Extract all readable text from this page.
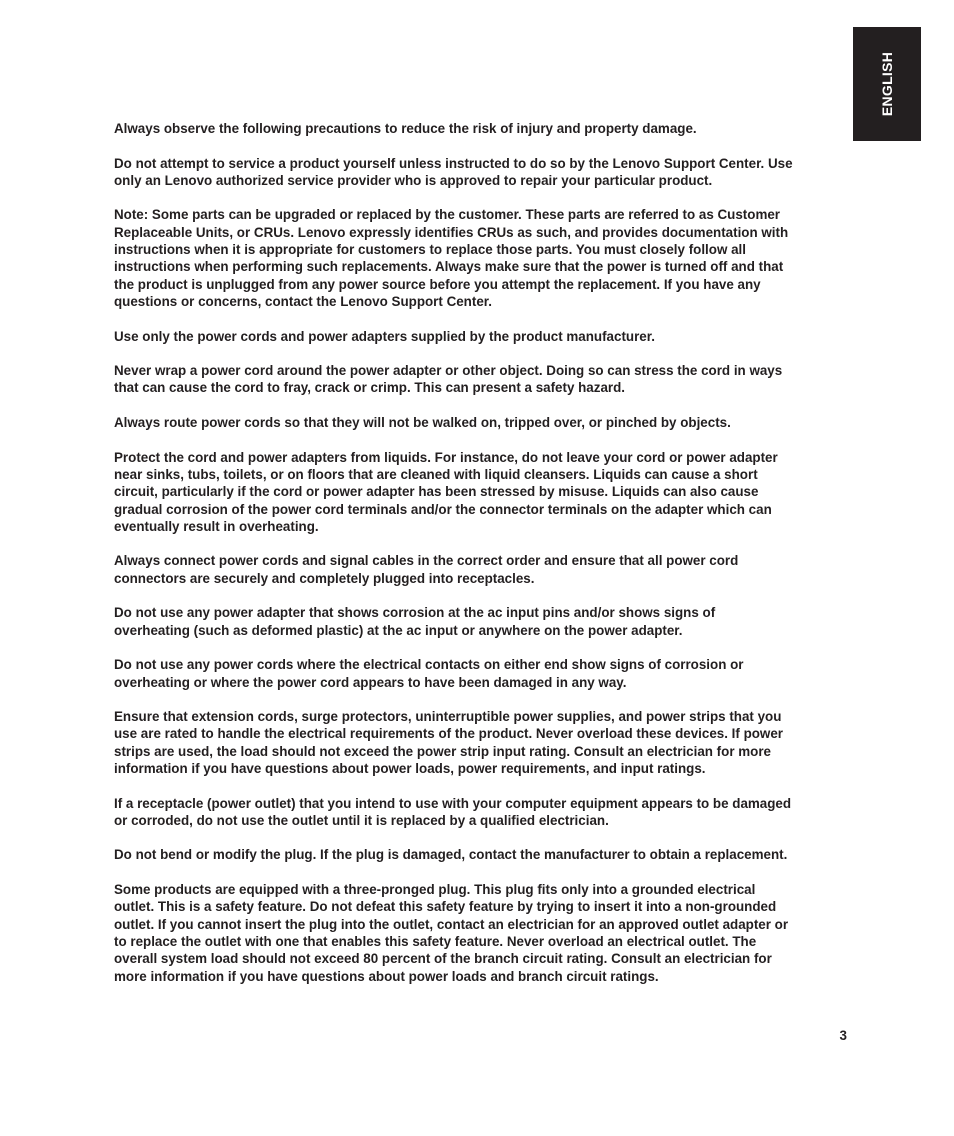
ENGLISH

Always observe the following precautions to reduce the risk of injury and property damage.

Do not attempt to service a product yourself unless instructed to do so by the Lenovo Support Center. Use
only an Lenovo authorized service provider who is approved to repair your particular product.

Note: Some parts can be upgraded or replaced by the customer. These parts are referred to as Customer
Replaceable Units, or CRUs. Lenovo expressly identifies CRUs as such, and provides documentation with
instructions when it is appropriate for customers to replace those parts. You must closely follow all
instructions when performing such replacements. Always make sure that the power is turned off and that
the product is unplugged from any power source before you attempt the replacement. If you have any
questions or concerns, contact the Lenovo Support Center.

Use only the power cords and power adapters supplied by the product manufacturer.

Never wrap a power cord around the power adapter or other object. Doing so can stress the cord in ways
that can cause the cord to fray, crack or crimp. This can present a safety hazard.

Always route power cords so that they will not be walked on, tripped over, or pinched by objects.

Protect the cord and power adapters from liquids. For instance, do not leave your cord or power adapter
near sinks, tubs, toilets, or on floors that are cleaned with liquid cleansers. Liquids can cause a short
circuit, particularly if the cord or power adapter has been stressed by misuse. Liquids can also cause
gradual corrosion of the power cord terminals and/or the connector terminals on the adapter which can
eventually result in overheating.

Always connect power cords and signal cables in the correct order and ensure that all power cord
connectors are securely and completely plugged into receptacles.

Do not use any power adapter that shows corrosion at the ac input pins and/or shows signs of
overheating (such as deformed plastic) at the ac input or anywhere on the power adapter.

Do not use any power cords where the electrical contacts on either end show signs of corrosion or
overheating or where the power cord appears to have been damaged in any way.

Ensure that extension cords, surge protectors, uninterruptible power supplies, and power strips that you
use are rated to handle the electrical requirements of the product. Never overload these devices. If power
strips are used, the load should not exceed the power strip input rating. Consult an electrician for more
information if you have questions about power loads, power requirements, and input ratings.

If a receptacle (power outlet) that you intend to use with your computer equipment appears to be damaged
or corroded, do not use the outlet until it is replaced by a qualified electrician.

Do not bend or modify the plug. If the plug is damaged, contact the manufacturer to obtain a replacement.

Some products are equipped with a three-pronged plug. This plug fits only into a grounded electrical
outlet. This is a safety feature. Do not defeat this safety feature by trying to insert it into a non-grounded
outlet. If you cannot insert the plug into the outlet, contact an electrician for an approved outlet adapter or
to replace the outlet with one that enables this safety feature. Never overload an electrical outlet. The
overall system load should not exceed 80 percent of the branch circuit rating. Consult an electrician for
more information if you have questions about power loads and branch circuit ratings.

3
